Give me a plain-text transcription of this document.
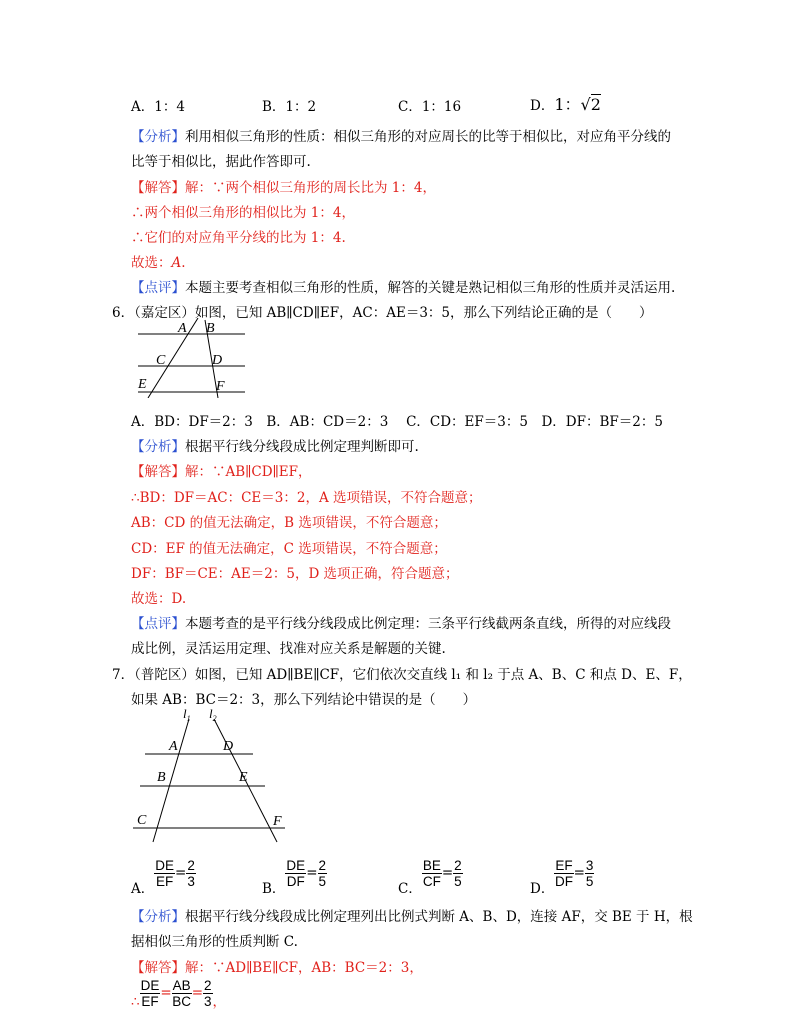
A．1：4	B．1：2	C．1：16	D．1：√2
【分析】利用相似三角形的性质：相似三角形的对应周长的比等于相似比，对应角平分线的
比等于相似比，据此作答即可.
【解答】解：∵两个相似三角形的周长比为 1：4，
∴两个相似三角形的相似比为 1：4，
∴它们的对应角平分线的比为 1：4.
故选：A.
【点评】本题主要考查相似三角形的性质，解答的关键是熟记相似三角形的性质并灵活运用.
6．（嘉定区）如图，已知 AB∥CD∥EF，AC：AE＝3：5，那么下列结论正确的是（　　）
A B
C	D
E	F
A．BD：DF＝2：3　B．AB：CD＝2：3　 C．CD：EF＝3：5　D．DF：BF＝2：5
【分析】根据平行线分线段成比例定理判断即可.
【解答】解：∵AB∥CD∥EF，
∴BD：DF＝AC：CE＝3：2，A 选项错误，不符合题意；
AB：CD 的值无法确定，B 选项错误，不符合题意；
CD：EF 的值无法确定，C 选项错误，不符合题意；
DF：BF＝CE：AE＝2：5，D 选项正确，符合题意；
故选：D.
【点评】本题考查的是平行线分线段成比例定理：三条平行线截两条直线，所得的对应线段
成比例，灵活运用定理、找准对应关系是解题的关键.
7．（普陀区）如图，已知 AD∥BE∥CF，它们依次交直线 l₁ 和 l₂ 于点 A、B、C 和点 D、E、F，
如果 AB：BC＝2：3，那么下列结论中错误的是（　　）
$l_1$ $l_2$
A	D
B	E
C	F
A． $\frac{DE}{EF} = \frac{2}{3}$	B． $\frac{DE}{DF} = \frac{2}{5}$	C． $\frac{BE}{CF} = \frac{2}{5}$	D． $\frac{EF}{DF} = \frac{3}{5}$
【分析】根据平行线分线段成比例定理列出比例式判断 A、B、D，连接 AF，交 BE 于 H，根
据相似三角形的性质判断 C.
【解答】解：∵AD∥BE∥CF，AB：BC＝2：3，
∴ $\frac{DE}{EF} = \frac{AB}{BC} = \frac{2}{3}$ ，
